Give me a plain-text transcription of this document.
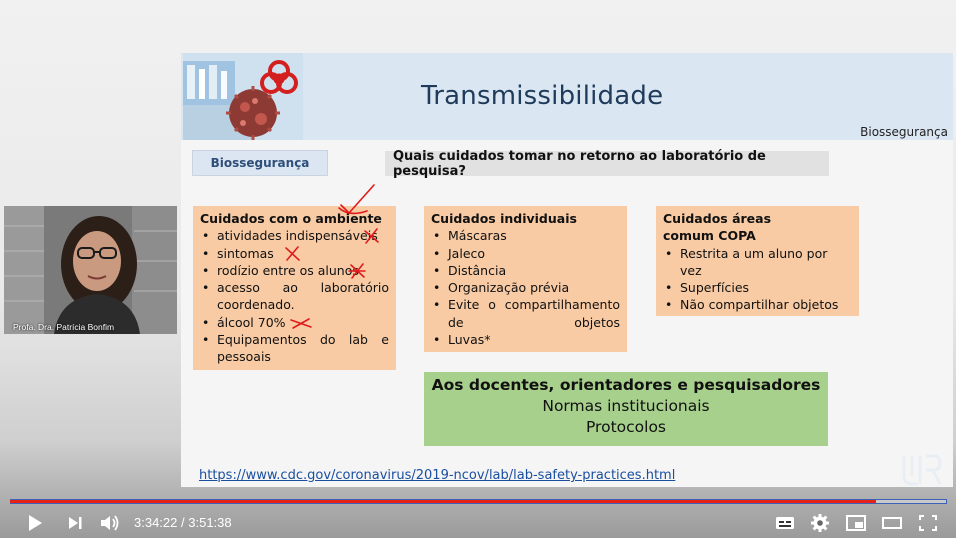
Transmissibilidade
Biossegurança
Biossegurança	Quais cuidados tomar no retorno ao laboratório de pesquisa?
Cuidados com o ambiente
• atividades indispensáveis
• sintomas
• rodízio entre os alunos
• acesso ao laboratório coordenado.
• álcool 70%
• Equipamentos do lab e pessoais
Cuidados individuais
• Máscaras
• Jaleco
• Distância
• Organização prévia
• Evite o compartilhamento de objetos
• Luvas*
Cuidados áreas comum COPA
• Restrita a um aluno por vez
• Superfícies
• Não compartilhar objetos
Aos docentes, orientadores e pesquisadores
Normas institucionais
Protocolos
https://www.cdc.gov/coronavirus/2019-ncov/lab/lab-safety-practices.html
Profa. Dra. Patrícia Bonfim
3:34:22 / 3:51:38
